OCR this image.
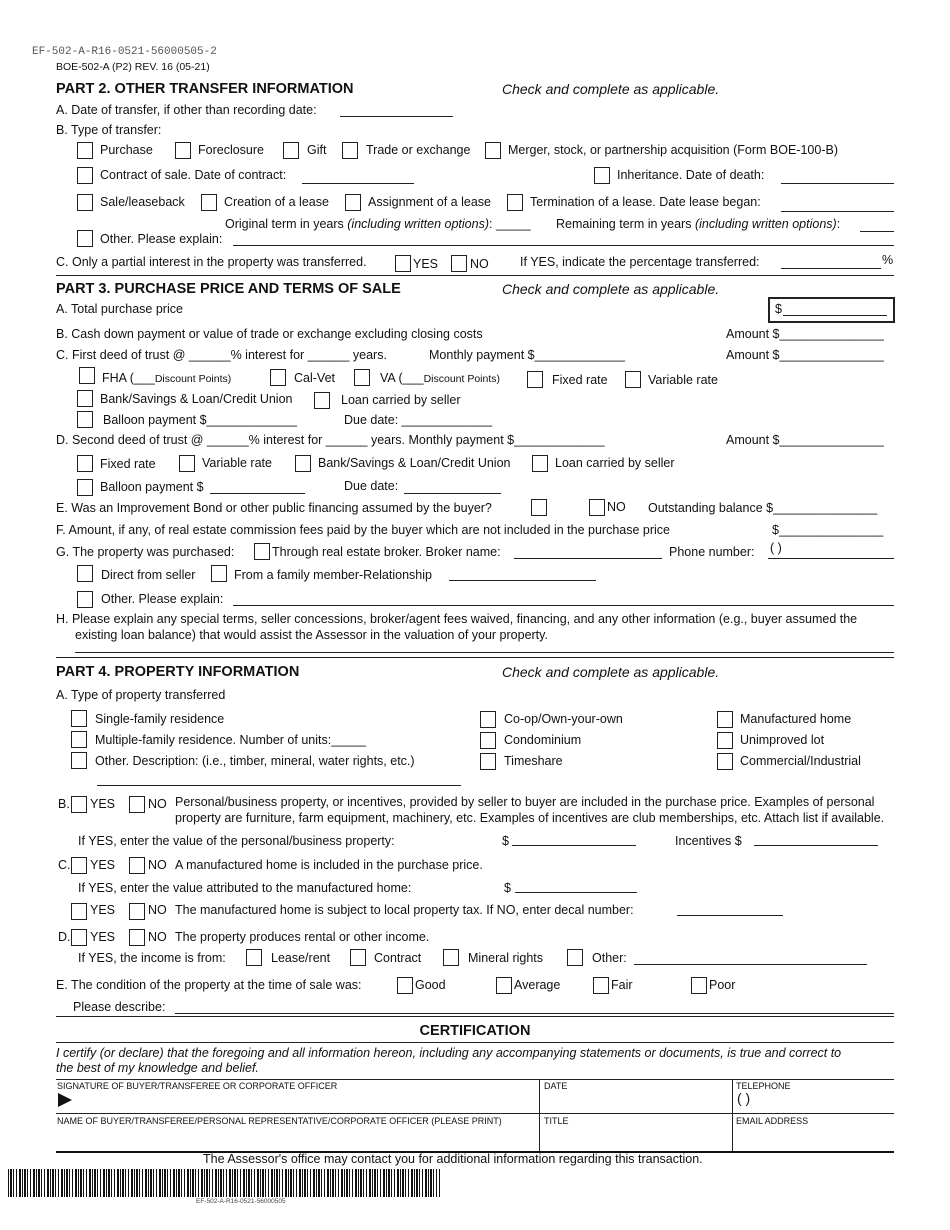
EF-502-A-R16-0521-56000505-2
BOE-502-A (P2) REV. 16 (05-21)
PART 2. OTHER TRANSFER INFORMATION	Check and complete as applicable.
A. Date of transfer, if other than recording date:
B. Type of transfer:
Purchase	Foreclosure	Gift	Trade or exchange	Merger, stock, or partnership acquisition (Form BOE-100-B)
Contract of sale. Date of contract:	Inheritance. Date of death:
Sale/leaseback	Creation of a lease	Assignment of a lease	Termination of a lease. Date lease began:
Original term in years (including written options): _____ Remaining term in years (including written options):
Other. Please explain:
C. Only a partial interest in the property was transferred.	YES	NO	If YES, indicate the percentage transferred:	%
PART 3. PURCHASE PRICE AND TERMS OF SALE	Check and complete as applicable.
A. Total purchase price	$
B. Cash down payment or value of trade or exchange excluding closing costs	Amount $_______________
C. First deed of trust @ ______% interest for ______ years.	Monthly payment $_____________	Amount $_______________
FHA (___Discount Points)	Cal-Vet	VA (___Discount Points)	Fixed rate	Variable rate
Bank/Savings & Loan/Credit Union	Loan carried by seller
Balloon payment $_____________	Due date: _____________
D. Second deed of trust @ ______% interest for ______ years. Monthly payment $_____________	Amount $_______________
Fixed rate	Variable rate	Bank/Savings & Loan/Credit Union	Loan carried by seller
Balloon payment $	Due date:
E. Was an Improvement Bond or other public financing assumed by the buyer?	NO Outstanding balance $_______________
F. Amount, if any, of real estate commission fees paid by the buyer which are not included in the purchase price	$_______________
G. The property was purchased:	Through real estate broker. Broker name:	Phone number: ( )
Direct from seller	From a family member-Relationship
Other. Please explain:
H. Please explain any special terms, seller concessions, broker/agent fees waived, financing, and any other information (e.g., buyer assumed the
existing loan balance) that would assist the Assessor in the valuation of your property.
PART 4. PROPERTY INFORMATION	Check and complete as applicable.
A. Type of property transferred
Single-family residence
Multiple-family residence. Number of units:_____
Other. Description: (i.e., timber, mineral, water rights, etc.)
Co-op/Own-your-own
Condominium
Timeshare
Manufactured home
Unimproved lot
Commercial/Industrial
B. YES	NO Personal/business property, or incentives, provided by seller to buyer are included in the purchase price. Examples of personal
property are furniture, farm equipment, machinery, etc. Examples of incentives are club memberships, etc. Attach list if available.
If YES, enter the value of the personal/business property:	$	Incentives $
C. YES	NO A manufactured home is included in the purchase price.
If YES, enter the value attributed to the manufactured home:	$
YES	NO The manufactured home is subject to local property tax. If NO, enter decal number:
D. YES	NO The property produces rental or other income.
If YES, the income is from:	Lease/rent	Contract	Mineral rights	Other:
E. The condition of the property at the time of sale was:	Good	Average	Fair	Poor
Please describe:
CERTIFICATION
I certify (or declare) that the foregoing and all information hereon, including any accompanying statements or documents, is true and correct to
the best of my knowledge and belief.
SIGNATURE OF BUYER/TRANSFEREE OR CORPORATE OFFICER	DATE	TELEPHONE
( )
NAME OF BUYER/TRANSFEREE/PERSONAL REPRESENTATIVE/CORPORATE OFFICER (PLEASE PRINT)	TITLE	EMAIL ADDRESS
The Assessor's office may contact you for additional information regarding this transaction.
EF-502-A-R16-0521-56000505
